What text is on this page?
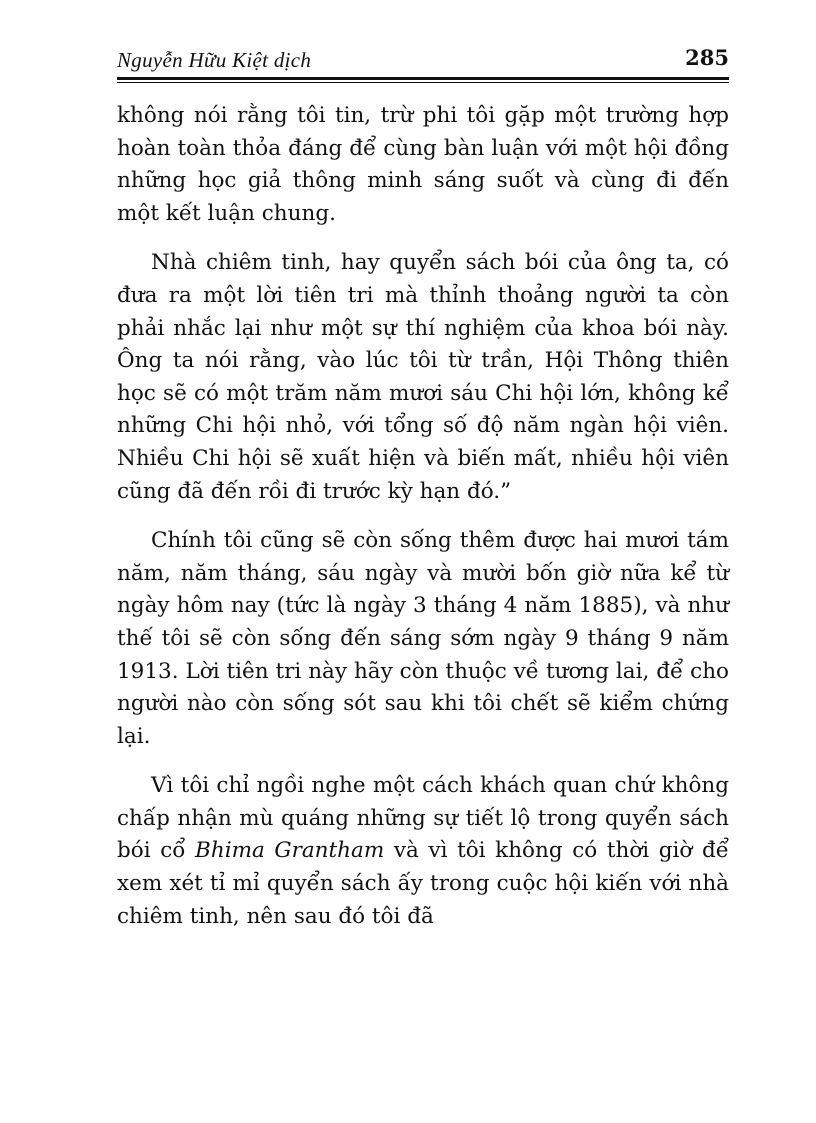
Nguyễn Hữu Kiệt dịch	285

không nói rằng tôi tin, trừ phi tôi gặp một trường hợp hoàn toàn thỏa đáng để cùng bàn luận với một hội đồng những học giả thông minh sáng suốt và cùng đi đến một kết luận chung.

Nhà chiêm tinh, hay quyển sách bói của ông ta, có đưa ra một lời tiên tri mà thỉnh thoảng người ta còn phải nhắc lại như một sự thí nghiệm của khoa bói này. Ông ta nói rằng, vào lúc tôi từ trần, Hội Thông thiên học sẽ có một trăm năm mươi sáu Chi hội lớn, không kể những Chi hội nhỏ, với tổng số độ năm ngàn hội viên. Nhiều Chi hội sẽ xuất hiện và biến mất, nhiều hội viên cũng đã đến rồi đi trước kỳ hạn đó.”

Chính tôi cũng sẽ còn sống thêm được hai mươi tám năm, năm tháng, sáu ngày và mười bốn giờ nữa kể từ ngày hôm nay (tức là ngày 3 tháng 4 năm 1885), và như thế tôi sẽ còn sống đến sáng sớm ngày 9 tháng 9 năm 1913. Lời tiên tri này hãy còn thuộc về tương lai, để cho người nào còn sống sót sau khi tôi chết sẽ kiểm chứng lại.

Vì tôi chỉ ngồi nghe một cách khách quan chứ không chấp nhận mù quáng những sự tiết lộ trong quyển sách bói cổ Bhima Grantham và vì tôi không có thời giờ để xem xét tỉ mỉ quyển sách ấy trong cuộc hội kiến với nhà chiêm tinh, nên sau đó tôi đã
